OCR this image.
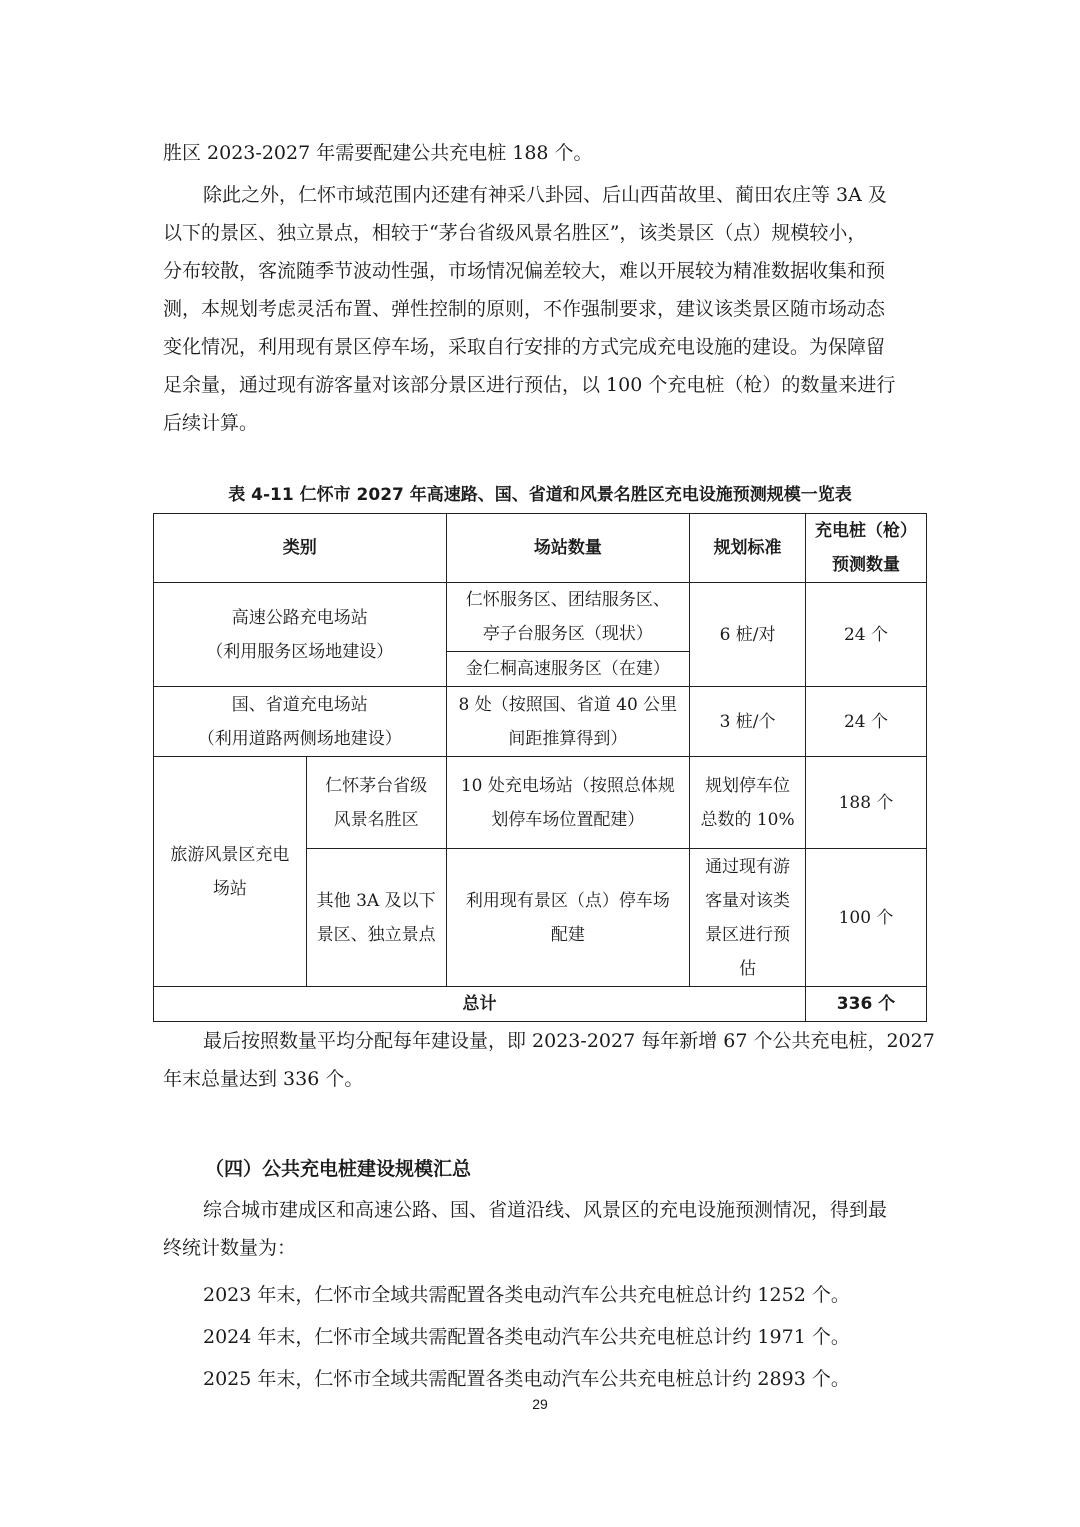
胜区 2023-2027 年需要配建公共充电桩 188 个。

除此之外，仁怀市域范围内还建有神采八卦园、后山西苗故里、蔺田农庄等 3A 及
以下的景区、独立景点，相较于“茅台省级风景名胜区”，该类景区（点）规模较小，
分布较散，客流随季节波动性强，市场情况偏差较大，难以开展较为精准数据收集和预
测，本规划考虑灵活布置、弹性控制的原则，不作强制要求，建议该类景区随市场动态
变化情况，利用现有景区停车场，采取自行安排的方式完成充电设施的建设。为保障留
足余量，通过现有游客量对该部分景区进行预估，以 100 个充电桩（枪）的数量来进行
后续计算。

表 4-11 仁怀市 2027 年高速路、国、省道和风景名胜区充电设施预测规模一览表
类别		场站数量	规划标准	充电桩（枪）
预测数量

高速公路充电场站
（利用服务区场地建设）		仁怀服务区、团结服务区、
亭子台服务区（现状）	6 桩/对	24 个
		金仁桐高速服务区（在建）		

国、省道充电场站
（利用道路两侧场地建设）		8 处（按照国、省道 40 公里
间距推算得到）	3 桩/个	24 个

旅游风景区充电
场站	仁怀茅台省级
风景名胜区	10 处充电场站（按照总体规
划停车场位置配建）	规划停车位
总数的 10%	188 个

	其他 3A 及以下
景区、独立景点	利用现有景区（点）停车场
配建	通过现有游
客量对该类
景区进行预
估	100 个
总计				336 个

最后按照数量平均分配每年建设量，即 2023-2027 每年新增 67 个公共充电桩，2027
年末总量达到 336 个。

（四）公共充电桩建设规模汇总

综合城市建成区和高速公路、国、省道沿线、风景区的充电设施预测情况，得到最
终统计数量为：

2023 年末，仁怀市全域共需配置各类电动汽车公共充电桩总计约 1252 个。
2024 年末，仁怀市全域共需配置各类电动汽车公共充电桩总计约 1971 个。
2025 年末，仁怀市全域共需配置各类电动汽车公共充电桩总计约 2893 个。

29
